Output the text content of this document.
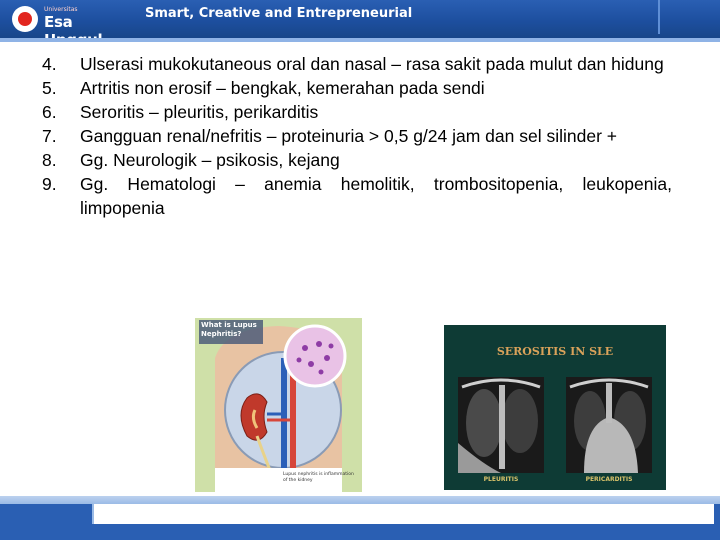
Universitas
Esa	Smart, Creative and Entrepreneurial
4.	Ulserasi mukokutaneous oral dan nasal – rasa sakit pada mulut dan hidung
5.	Artritis non erosif – bengkak, kemerahan pada sendi
6.	Seroritis – pleuritis, perikarditis
7.	Gangguan renal/nefritis – proteinuria > 0,5 g/24 jam dan sel silinder +
8.	Gg. Neurologik – psikosis, kejang
9.	Gg. Hematologi – anemia hemolitik, trombositopenia, leukopenia, limpopenia
What is Lupus Nephritis?
Lupus nephritis is inflammation of the kidney
SEROSITIS IN SLE
PLEURITIS	PERICARDITIS
